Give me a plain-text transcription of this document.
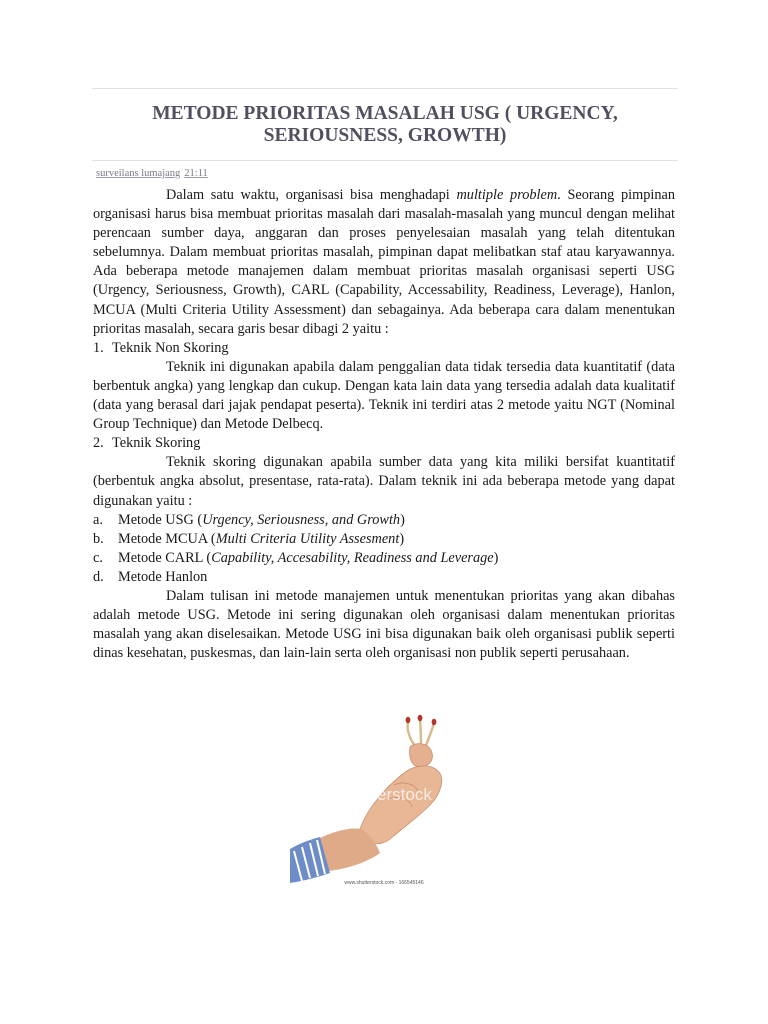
METODE PRIORITAS MASALAH USG ( URGENCY,
SERIOUSNESS, GROWTH)
surveilans lumajang 21:11

Dalam satu waktu, organisasi bisa menghadapi multiple problem. Seorang pimpinan organisasi harus bisa membuat prioritas masalah dari masalah-masalah yang muncul dengan melihat perencaan sumber daya, anggaran dan proses penyelesaian masalah yang telah ditentukan sebelumnya. Dalam membuat prioritas masalah, pimpinan dapat melibatkan staf atau karyawannya. Ada beberapa metode manajemen dalam membuat prioritas masalah organisasi seperti USG (Urgency, Seriousness, Growth), CARL (Capability, Accessability, Readiness, Leverage), Hanlon, MCUA (Multi Criteria Utility Assessment) dan sebagainya. Ada beberapa cara dalam menentukan prioritas masalah, secara garis besar dibagi 2 yaitu :

1. Teknik Non Skoring

Teknik ini digunakan apabila dalam penggalian data tidak tersedia data kuantitatif (data berbentuk angka) yang lengkap dan cukup. Dengan kata lain data yang tersedia adalah data kualitatif (data yang berasal dari jajak pendapat peserta). Teknik ini terdiri atas 2 metode yaitu NGT (Nominal Group Technique) dan Metode Delbecq.

2. Teknik Skoring

Teknik skoring digunakan apabila sumber data yang kita miliki bersifat kuantitatif (berbentuk angka absolut, presentase, rata-rata). Dalam teknik ini ada beberapa metode yang dapat digunakan yaitu :

a.	Metode USG (Urgency, Seriousness, and Growth)

b. Metode MCUA (Multi Criteria Utility Assesment)

c.	Metode CARL (Capability, Accesability, Readiness and Leverage)

d. Metode Hanlon

Dalam tulisan ini metode manajemen untuk menentukan prioritas yang akan dibahas adalah metode USG. Metode ini sering digunakan oleh organisasi dalam menentukan prioritas masalah yang akan diselesaikan. Metode USG ini bisa digunakan baik oleh organisasi publik seperti dinas kesehatan, puskesmas, dan lain-lain serta oleh organisasi non publik seperti perusahaan.

shutterstock
www.shutterstock.com · 166545146
